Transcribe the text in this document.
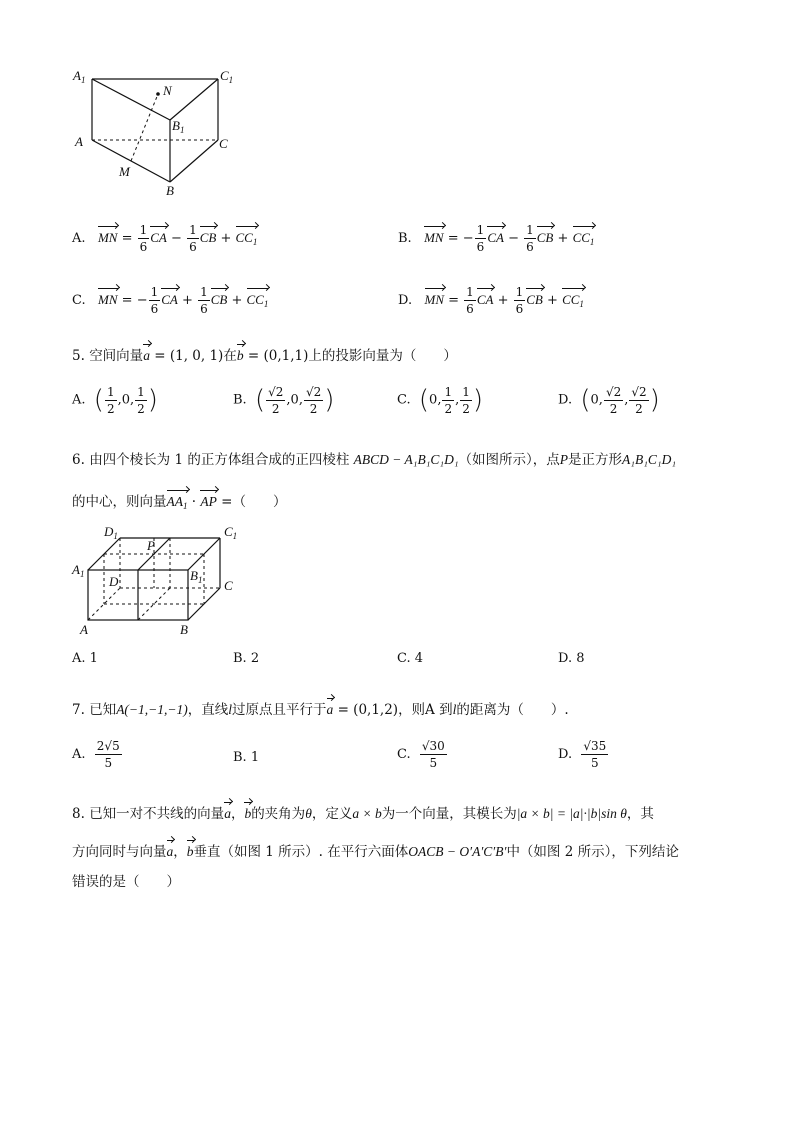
$A_1$	$C_1$
N
$B_1$
A	C
M
B
A. MN = $\frac{1}{6}$ CA − $\frac{1}{6}$ CB + $CC_1$	B. MN = − $\frac{1}{6}$ CA − $\frac{1}{6}$ CB + $CC_1$
C. MN = − $\frac{1}{6}$ CA + $\frac{1}{6}$ CB + $CC_1$	D. MN = $\frac{1}{6}$ CA + $\frac{1}{6}$ CB + $CC_1$
5. 空间向量a = (1, 0, 1)在b = (0,1,1)上的投影向量为（　　）
A. ( $\frac{1}{2} ,0$, $\frac{1}{2}$ )	B. ( $\frac{√2}{2} ,0$, $\frac{√2}{2}$ )	C. (0, $\frac{1}{2}$ , $\frac{1}{2}$ )	D. (0, $\frac{√2}{2}$ , $\frac{√2}{2}$ )
6. 由四个棱长为 1 的正方体组合成的正四棱柱 ABCD − A₁B₁C₁D₁（如图所示），点P是正方形A₁B₁C₁D₁
的中心，则向量$AA_1$ · AP =（　　）
$D_1$	$C_1$
P
$A_1$ D	$B_1$ C
A	B
A. 1	B. 2	C. 4	D. 8
7. 已知A(−1,−1,−1)，直线l过原点且平行于a = (0,1,2)，则A 到l的距离为（　　）.
A. $\frac{2√5}{5}$	B. 1	C. $\frac{√30}{5}$	D. $\frac{√35}{5}$
8. 已知一对不共线的向量a，b的夹角为θ，定义a × b为一个向量，其模长为|a × b| = |a|·|b|sin θ，其
方向同时与向量a，b垂直（如图 1 所示）. 在平行六面体OACB − O′A′C′B′中（如图 2 所示），下列结论
错误的是（　　）
